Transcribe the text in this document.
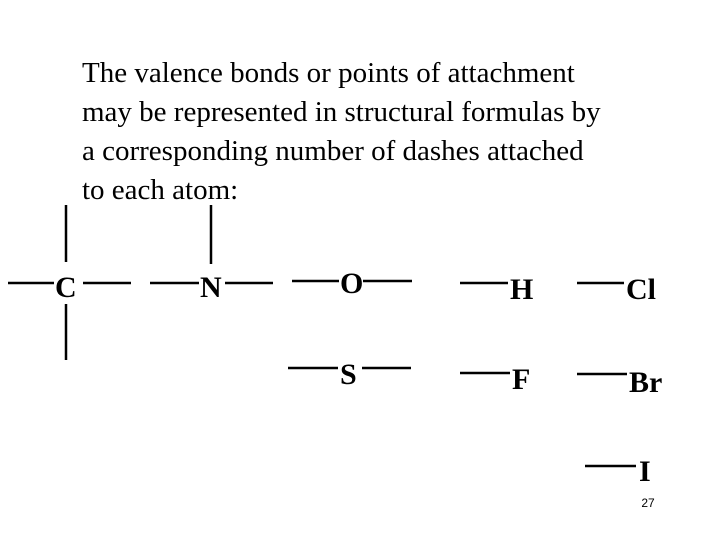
The valence bonds or points of attachment
may be represented in structural formulas by
a corresponding number of dashes attached
to each atom:

C	N	O	H	Cl
S	F	Br
I
27
